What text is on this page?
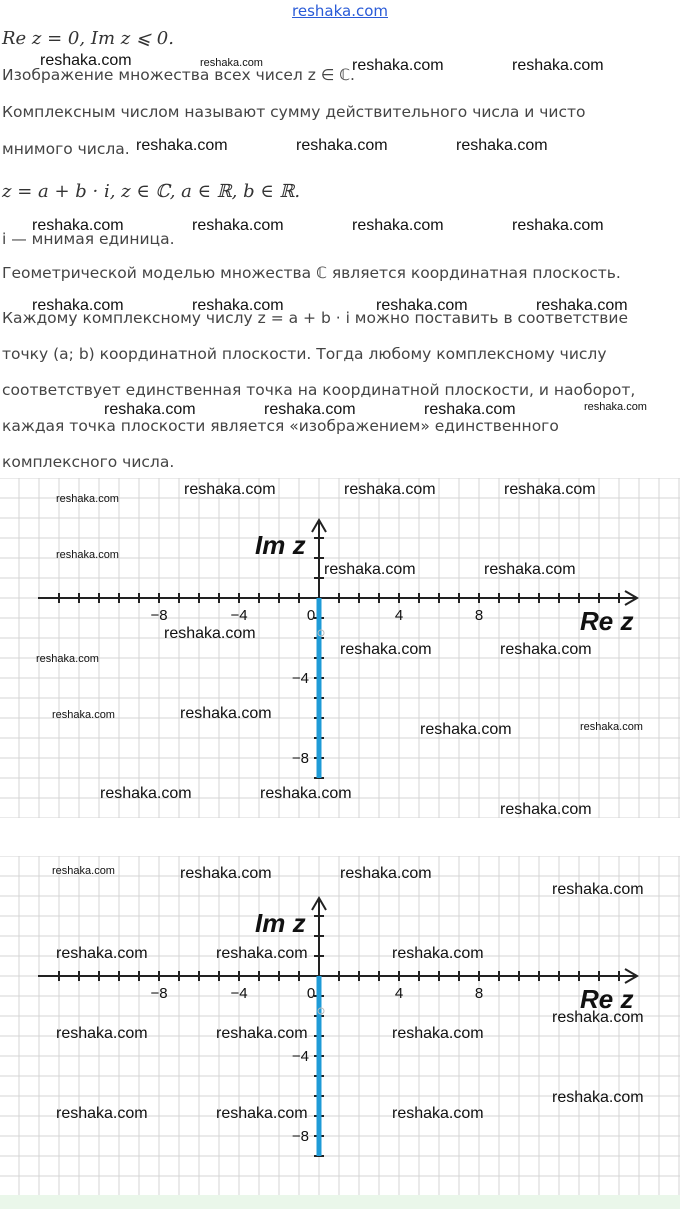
reshaka.com
Re z = 0, Im z ⩽ 0.
Изображение множества всех чисел z ∈ ℂ.
Комплексным числом называют сумму действительного числа и чисто
мнимого числа.
z = a + b · i, z ∈ ℂ, a ∈ ℝ, b ∈ ℝ.
i — мнимая единица.
Геометрической моделью множества ℂ является координатная плоскость.
Каждому комплексному числу z = a + b · i можно поставить в соответствие
точку (a; b) координатной плоскости. Тогда любому комплексному числу
соответствует единственная точка на координатной плоскости, и наоборот,
каждая точка плоскости является «изображением» единственного
комплексного числа.
−8	−4	0	4	8
−4
−8
Im z
Re z
−8	−4	0	4	8
−4
−8
Im z
Re z
reshaka.com	reshaka.com	reshaka.com	reshaka.com
reshaka.com	reshaka.com	reshaka.com
reshaka.com	reshaka.com	reshaka.com	reshaka.com
reshaka.com	reshaka.com	reshaka.com	reshaka.com
reshaka.com	reshaka.com	reshaka.com	reshaka.com
reshaka.com
reshaka.com	reshaka.com	reshaka.com
reshaka.com
reshaka.com	reshaka.com
reshaka.com
reshaka.com	reshaka.com
reshaka.com
reshaka.com	reshaka.com
reshaka.com	reshaka.com
reshaka.com	reshaka.com
reshaka.com
reshaka.com	reshaka.com	reshaka.com
reshaka.com
reshaka.com	reshaka.com	reshaka.com
reshaka.com
reshaka.com	reshaka.com	reshaka.com
reshaka.com
reshaka.com	reshaka.com	reshaka.com
